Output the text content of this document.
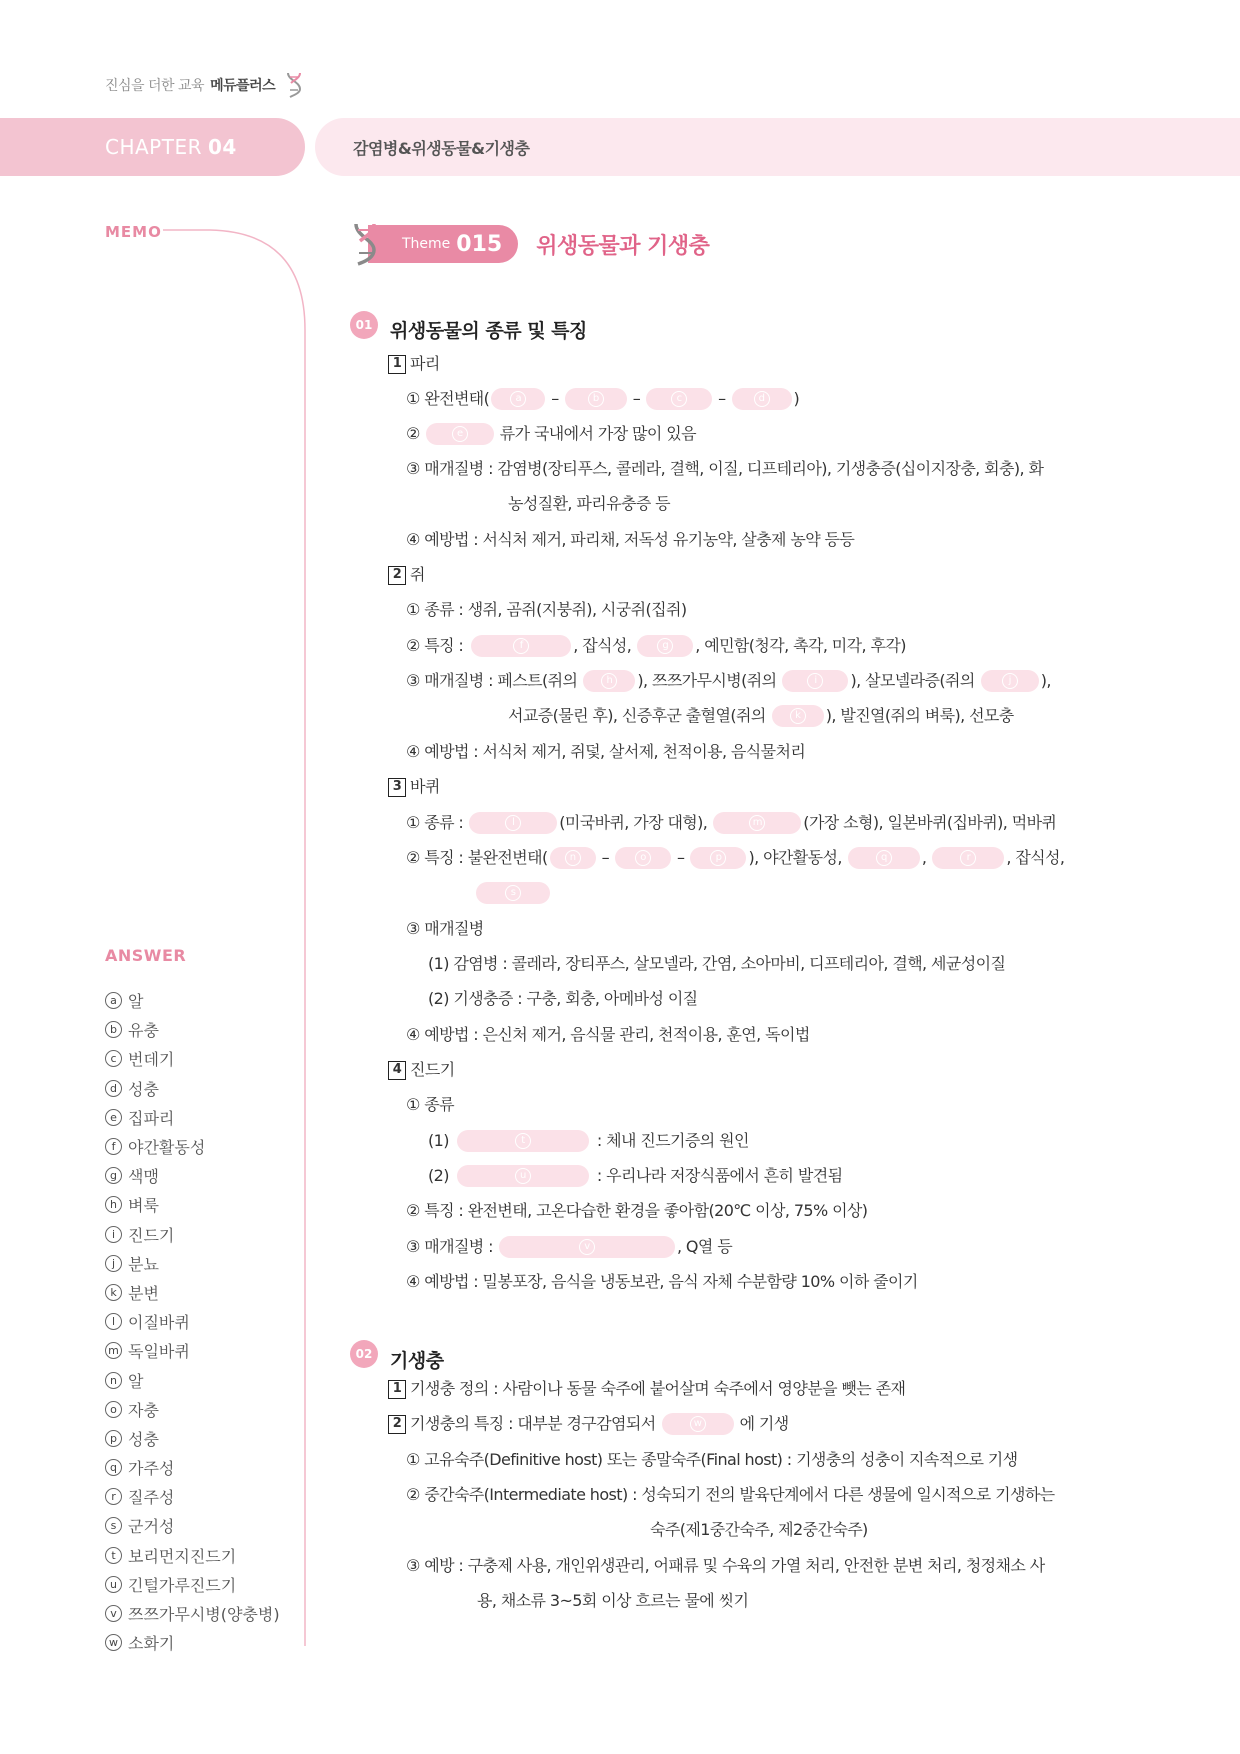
진심을 더한 교육 메듀플러스
CHAPTER 04	감염병&위생동물&기생충
MEMO
ANSWER
a 알
b 유충
c 번데기
d 성충
e 집파리
f 야간활동성
g 색맹
h 벼룩
i 진드기
j 분뇨
k 분변
l 이질바퀴
m 독일바퀴
n 알
o 자충
p 성충
q 가주성
r 질주성
s 군거성
t 보리먼지진드기
u 긴털가루진드기
v 쯔쯔가무시병(양충병)
w 소화기
Theme 015 위생동물과 기생충
01 위생동물의 종류 및 특징
1 파리
① 완전변태(	a	–	b	–	c	–	d	)
②	e	류가 국내에서 가장 많이 있음
③ 매개질병 : 감염병(장티푸스, 콜레라, 결핵, 이질, 디프테리아), 기생충증(십이지장충, 회충), 화
농성질환, 파리유충증 등
④ 예방법 : 서식처 제거, 파리채, 저독성 유기농약, 살충제 농약 등등
2 쥐
① 종류 : 생쥐, 곰쥐(지붕쥐), 시궁쥐(집쥐)
② 특징 :	f	, 잡식성,	g	, 예민함(청각, 촉각, 미각, 후각)
③ 매개질병 : 페스트(쥐의	h	), 쯔쯔가무시병(쥐의	i	), 살모넬라증(쥐의	j	),
서교증(물린 후), 신증후군 출혈열(쥐의	k	), 발진열(쥐의 벼룩), 선모충
④ 예방법 : 서식처 제거, 쥐덫, 살서제, 천적이용, 음식물처리
3 바퀴
① 종류 :	l	(미국바퀴, 가장 대형),	m	(가장 소형), 일본바퀴(집바퀴), 먹바퀴
② 특징 : 불완전변태(	n	–	o	–	p	), 야간활동성,	q	,	r	, 잡식성,
s
③ 매개질병
(1) 감염병 : 콜레라, 장티푸스, 살모넬라, 간염, 소아마비, 디프테리아, 결핵, 세균성이질
(2) 기생충증 : 구충, 회충, 아메바성 이질
④ 예방법 : 은신처 제거, 음식물 관리, 천적이용, 훈연, 독이법
4 진드기
① 종류
(1)	t	: 체내 진드기증의 원인
(2)	u	: 우리나라 저장식품에서 흔히 발견됨
② 특징 : 완전변태, 고온다습한 환경을 좋아함(20℃ 이상, 75% 이상)
③ 매개질병 :	v	, Q열 등
④ 예방법 : 밀봉포장, 음식을 냉동보관, 음식 자체 수분함량 10% 이하 줄이기
02 기생충
1 기생충 정의 : 사람이나 동물 숙주에 붙어살며 숙주에서 영양분을 뺏는 존재
2 기생충의 특징 : 대부분 경구감염되서	w 에 기생
① 고유숙주(Definitive host) 또는 종말숙주(Final host) : 기생충의 성충이 지속적으로 기생
② 중간숙주(Intermediate host) : 성숙되기 전의 발육단계에서 다른 생물에 일시적으로 기생하는
숙주(제1중간숙주, 제2중간숙주)
③ 예방 : 구충제 사용, 개인위생관리, 어패류 및 수육의 가열 처리, 안전한 분변 처리, 청정채소 사
용, 채소류 3~5회 이상 흐르는 물에 씻기
